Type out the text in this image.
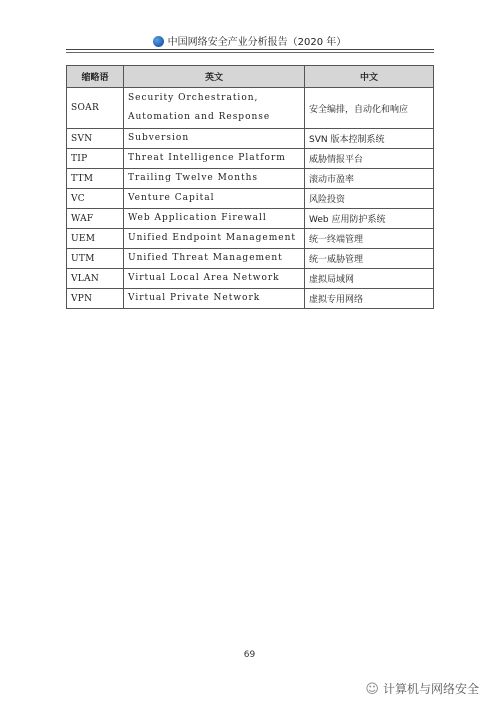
中国网络安全产业分析报告（2020 年）
缩略语	英文	中文
SOAR	Security Orchestration, Automation and Response	安全编排，自动化和响应
SVN	Subversion	SVN 版本控制系统
TIP	Threat Intelligence Platform	威胁情报平台
TTM	Trailing Twelve Months	滚动市盈率
VC	Venture Capital	风险投资
WAF	Web Application Firewall	Web 应用防护系统
UEM	Unified Endpoint Management	统一终端管理
UTM	Unified Threat Management	统一威胁管理
VLAN	Virtual Local Area Network	虚拟局域网
VPN	Virtual Private Network	虚拟专用网络
69
☺ 计算机与网络安全
